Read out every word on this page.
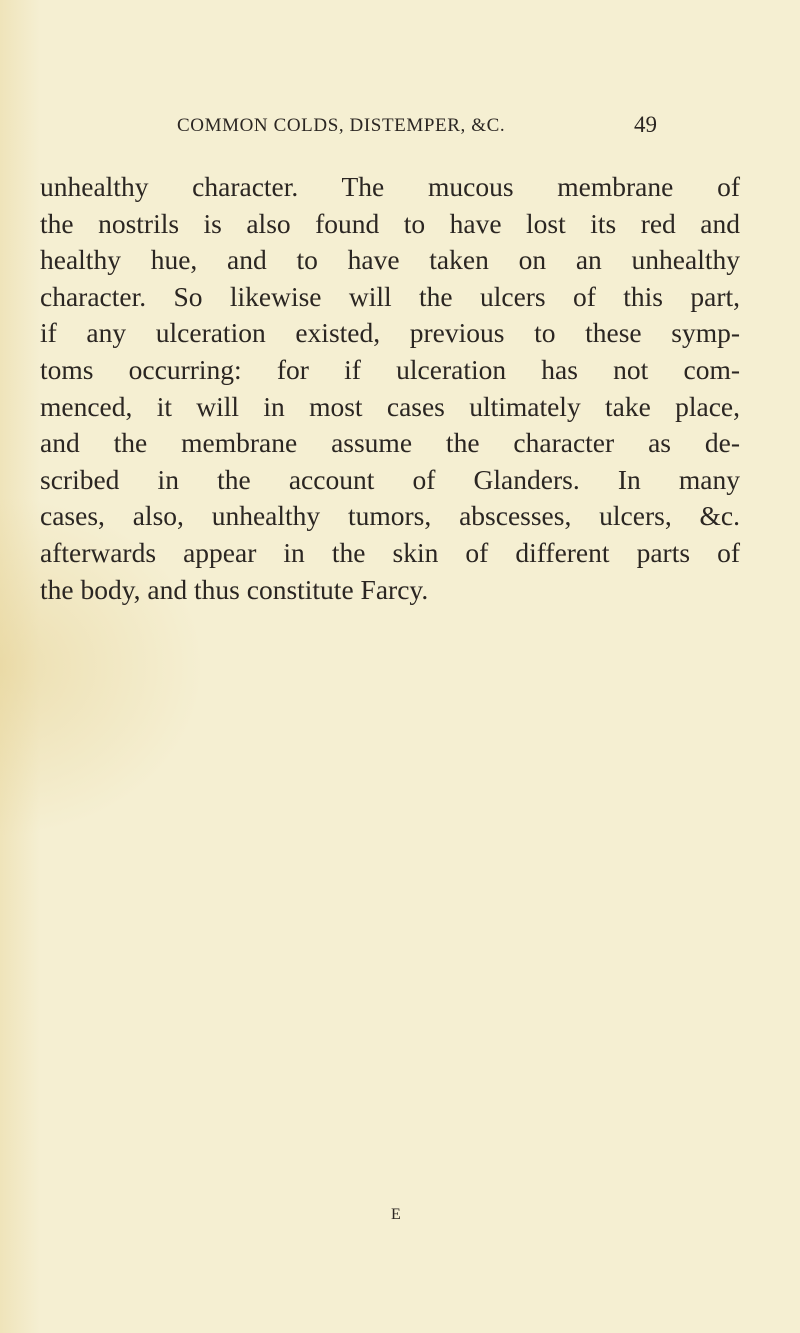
COMMON COLDS, DISTEMPER, &C.	49
unhealthy character. The mucous membrane of
the nostrils is also found to have lost its red and
healthy hue, and to have taken on an unhealthy
character. So likewise will the ulcers of this part,
if any ulceration existed, previous to these symp-
toms occurring: for if ulceration has not com-
menced, it will in most cases ultimately take place,
and the membrane assume the character as de-
scribed in the account of Glanders. In many
cases, also, unhealthy tumors, abscesses, ulcers, &c.
afterwards appear in the skin of different parts of
the body, and thus constitute Farcy.
E
